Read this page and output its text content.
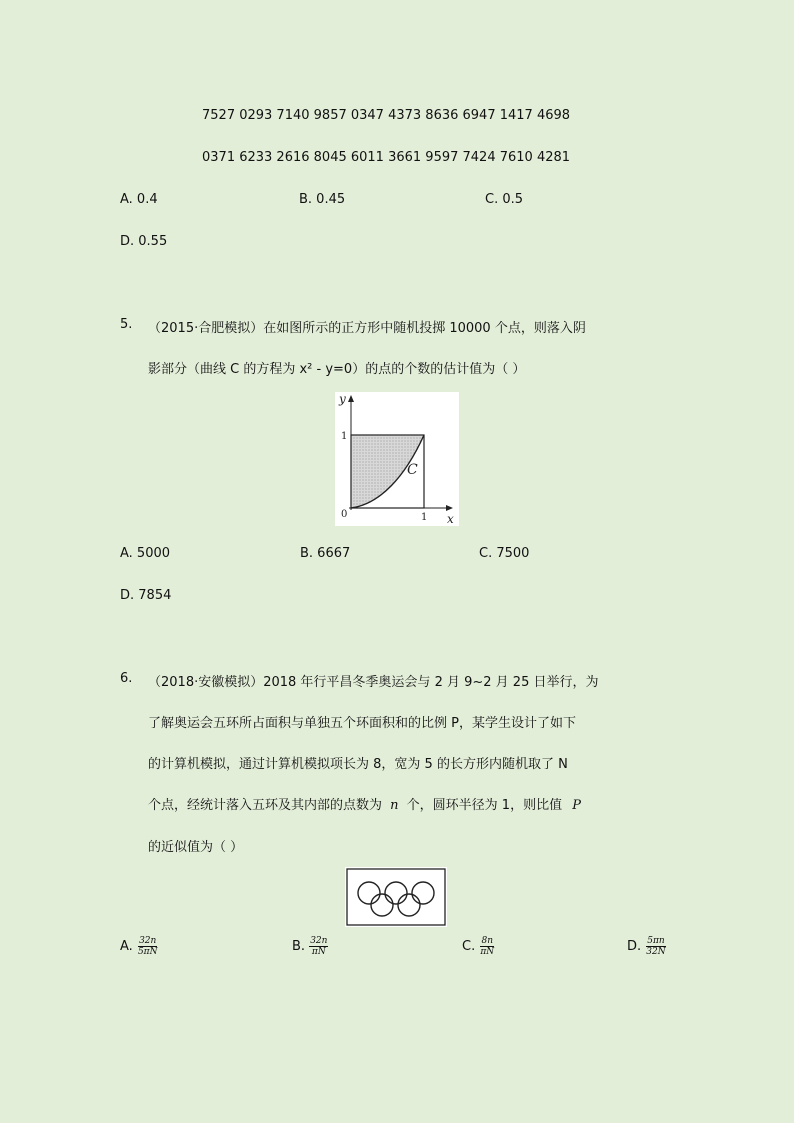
7527 0293 7140 9857 0347 4373 8636 6947 1417 4698
0371 6233 2616 8045 6011 3661 9597 7424 7610 4281
A. 0.4	B. 0.45	C. 0.5
D. 0.55
5. （2015·合肥模拟）在如图所示的正方形中随机投掷 10000 个点，则落入阴
影部分（曲线 C 的方程为 x² - y=0）的点的个数的估计值为（ ）
y
x
1
1
0
C
A. 5000	B. 6667	C. 7500
D. 7854
6. （2018·安徽模拟）2018 年行平昌冬季奥运会与 2 月 9~2 月 25 日举行，为
了解奥运会五环所占面积与单独五个环面积和的比例 P，某学生设计了如下
的计算机模拟，通过计算机模拟项长为 8，宽为 5 的长方形内随机取了 N
个点，经统计落入五环及其内部的点数为 n 个，圆环半径为 1，则比值 P
的近似值为（ ）
A. $\frac{32n}{5\pi N}$	B. $\frac{32n}{\pi N}$	C. $\frac{8n}{\pi N}$	D. $\frac{5\pi n}{32N}$
